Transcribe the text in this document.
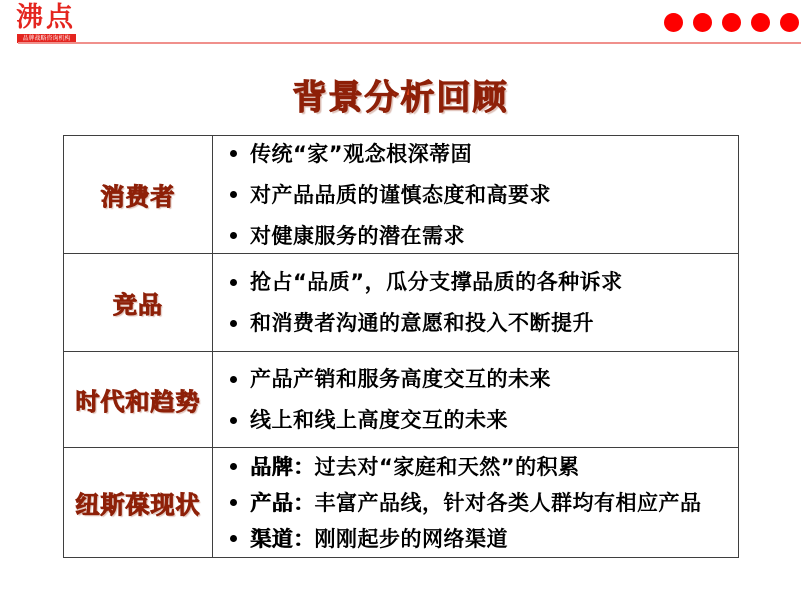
沸点
品牌战略咨询机构
背景分析回顾
消费者
传统“家”观念根深蒂固
对产品品质的谨慎态度和高要求
对健康服务的潜在需求
竞品
抢占“品质”，瓜分支撑品质的各种诉求
和消费者沟通的意愿和投入不断提升
时代和趋势
产品产销和服务高度交互的未来
线上和线上高度交互的未来
纽斯葆现状
品牌： 过去对“家庭和天然”的积累
产品： 丰富产品线，针对各类人群均有相应产品
渠道： 刚刚起步的网络渠道
